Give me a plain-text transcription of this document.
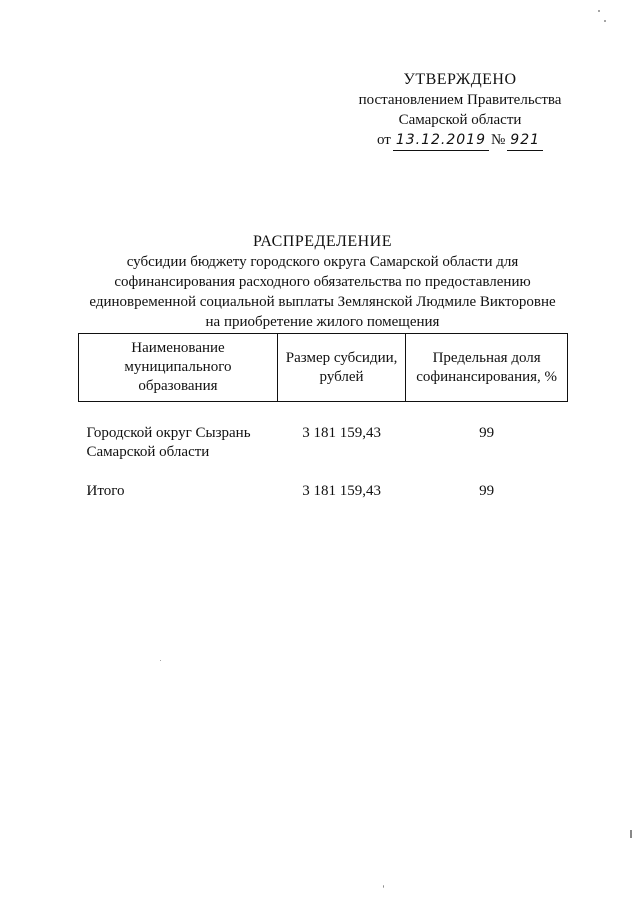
УТВЕРЖДЕНО
постановлением Правительства
Самарской области
от 13.12.2019 № 921
РАСПРЕДЕЛЕНИЕ
субсидии бюджету городского округа Самарской области для
софинансирования расходного обязательства по предоставлению
единовременной социальной выплаты Землянской Людмиле Викторовне
на приобретение жилого помещения
Наименование муниципального образования	Размер субсидии, рублей	Предельная доля софинансирования, %
Городской округ Сызрань Самарской области	3 181 159,43	99
Итого	3 181 159,43	99
